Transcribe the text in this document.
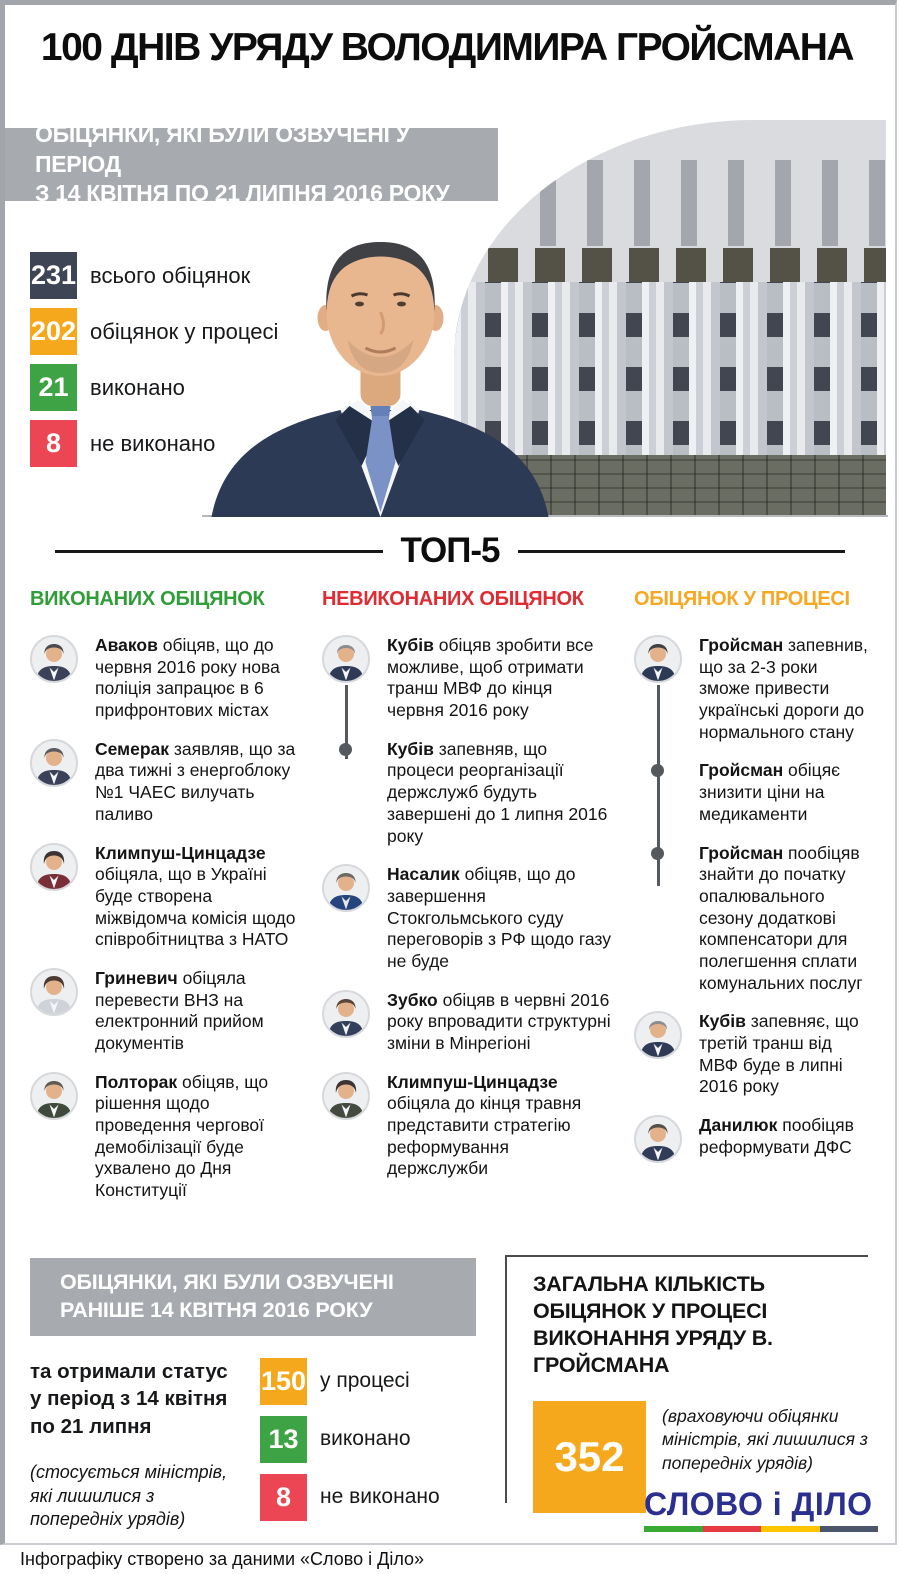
100 ДНІВ УРЯДУ ВОЛОДИМИРА ГРОЙСМАНА
ОБІЦЯНКИ, ЯКІ БУЛИ ОЗВУЧЕНІ У ПЕРІОД
З 14 КВІТНЯ ПО 21 ЛИПНЯ 2016 РОКУ
231 всього обіцянок
202 обіцянок у процесі
21 виконано
8	не виконано
ТОП-5
ВИКОНАНИХ ОБІЦЯНОК

Аваков обіцяв, що до червня 2016 року нова поліція запрацює в 6 прифронтових містах

Семерак заявляв, що за два тижні з енергоблоку №1 ЧАЕС вилучать паливо

Климпуш-Цинцадзе обіцяла, що в Україні буде створена міжвідомча комісія щодо співробітництва з НАТО

Гриневич обіцяла перевести ВНЗ на електронний прийом документів

Полторак обіцяв, що рішення щодо проведення чергової демобілізації буде ухвалено до Дня Конституції

НЕВИКОНАНИХ ОБІЦЯНОК

Кубів обіцяв зробити все можливе, щоб отримати транш МВФ до кінця червня 2016 року

Кубів запевняв, що процеси реорганізації держслужб будуть завершені до 1 липня 2016 року

Насалик обіцяв, що до завершення Стокгольмського суду переговорів з РФ щодо газу не буде

Зубко обіцяв в червні 2016 року впровадити структурні зміни в Мінрегіоні

Климпуш-Цинцадзе обіцяла до кінця травня представити стратегію реформування держслужби

ОБІЦЯНОК У ПРОЦЕСІ

Гройсман запевнив, що за 2-3 роки зможе привести українські дороги до нормального стану

Гройсман обіцяє знизити ціни на медикаменти

Гройсман пообіцяв знайти до початку опалювального сезону додаткові компенсатори для полегшення сплати комунальних послуг

Кубів запевняє, що третій транш від МВФ буде в липні 2016 року

Данилюк пообіцяв реформувати ДФС

ОБІЦЯНКИ, ЯКІ БУЛИ ОЗВУЧЕНІ
РАНІШЕ 14 КВІТНЯ 2016 РОКУ

та отримали статус у період з 14 квітня по 21 липня

(стосується міністрів, які лишилися з попередніх урядів)

150 у процесі
13	виконано
8	не виконано
ЗАГАЛЬНА КІЛЬКІСТЬ ОБІЦЯНОК У ПРОЦЕСІ ВИКОНАННЯ УРЯДУ В. ГРОЙСМАНА
352
(враховуючи обіцянки міністрів, які лишилися з попередніх урядів)
СЛОВО і ДІЛО
Інфографіку створено за даними «Слово і Діло»
